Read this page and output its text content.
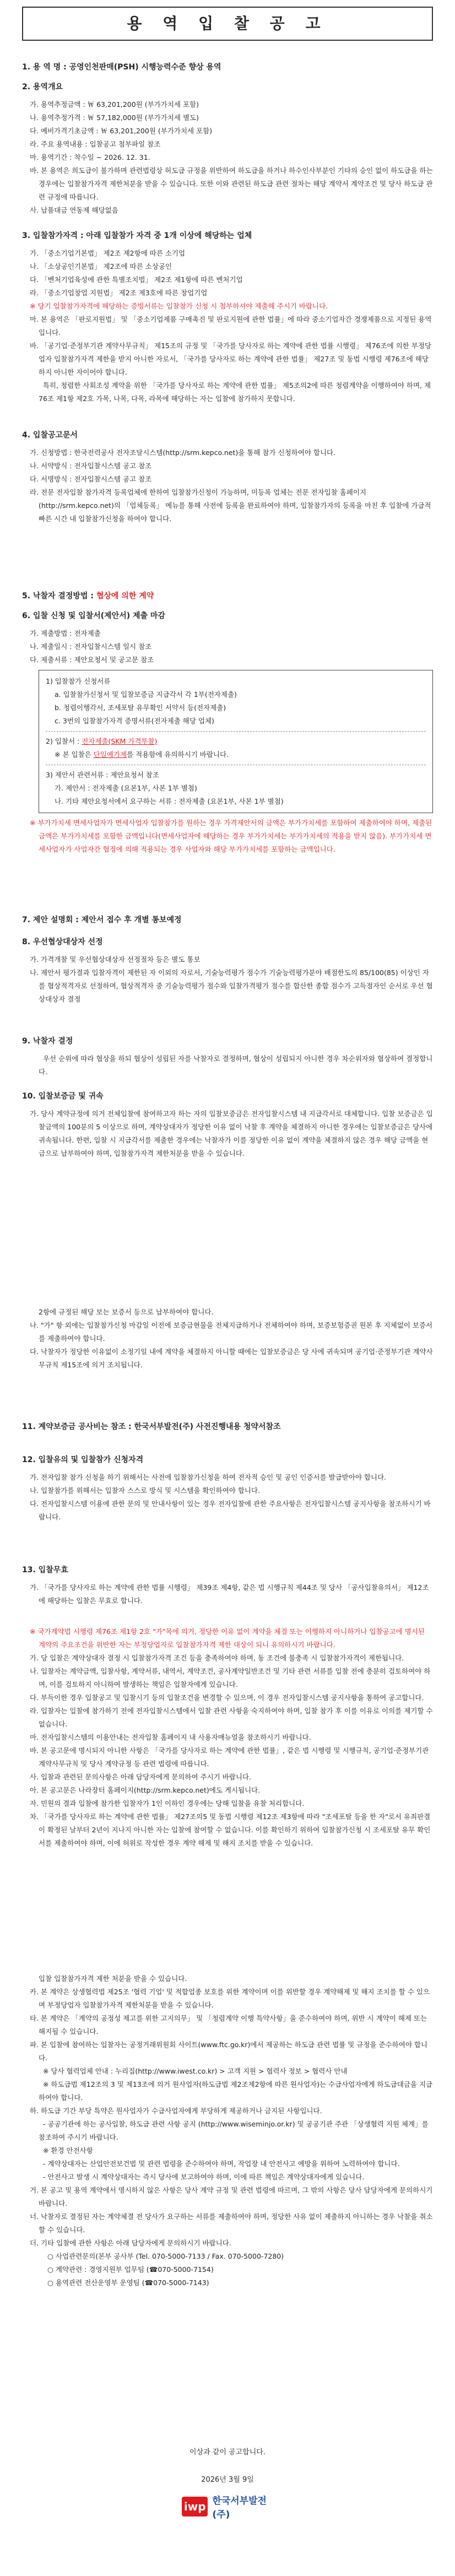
용 역 입 찰 공 고

1. 용 역 명 : 공영인천판매(PSH) 시행능력수준 향상 용역

2. 용역개요

가. 용역추정금액 : ￦ 63,201,200원 (부가가치세 포함)

나. 용역추정가격 : ￦ 57,182,000원 (부가가치세 별도)

다. 예비가격기초금액 : ￦ 63,201,200원 (부가가치세 포함)

라. 주요 용역내용 : 입찰공고 첨부파일 참조

마. 용역기간 : 착수일 ~ 2026. 12. 31.

바. 본 용역은 희도급이 불가하며 관련법령상 허도급 규정을 위반하여 하도급을 하거나 하수인사부분인 기타의 승인 없이 하도급을 하는 경우에는 입찰참가자격 제한처분을 받을 수 있습니다. 또한 이와 관련된 하도급 관련 절차는 해당 계약서 계약조건 및 당사 하도급 관련 규정에 따릅니다.

사. 납품대금 연동제 해당없음

3. 입찰참가자격 : 아래 입찰참가 자격 중 1개 이상에 해당하는 업체

가. 「중소기업기본법」 제2조 제2항에 따른 소기업

나. 「소상공인기본법」 제2조에 따른 소상공인

다. 「벤처기업육성에 관한 특별조치법」 제2조 제1항에 따른 벤처기업

라. 「중소기업창업 지원법」 제2조 제3호에 따른 창업기업

※ 당기 입찰참가자격에 해당하는 증빙서류는 입찰참가 신청 시 첨부하셔야 제출해 주시기 바랍니다.

마. 본 용역은 「판로지원법」 및 「중소기업제품 구매촉진 및 판로지원에 관한 법률」에 따라 중소기업자간 경쟁제품으로 지정된 용역입니다.

바. 「공기업·준정부기관 계약사무규칙」 제15조의 규정 및 「국가를 당사자로 하는 계약에 관한 법률 시행령」 제76조에 의한 부정당업자 입찰참가자격 제한을 받지 아니한 자로서, 「국가를 당사자로 하는 계약에 관한 법률」 제27조 및 동법 시행령 제76조에 해당하지 아니한 자이어야 합니다.

특히, 청렴한 사회조성 계약을 위한 「국가를 당사자로 하는 계약에 관한 법률」 제5조의2에 따른 청렴계약을 이행하여야 하며, 제76조 제1항 제2호 가목, 나목, 다목, 라목에 해당하는 자는 입찰에 참가하지 못합니다.

4. 입찰공고문서

가. 신청방법 : 한국전력공사 전자조달시스템(http://srm.kepco.net)을 통해 참가 신청하여야 합니다.

나. 서약방식 : 전자입찰시스템 공고 참조

다. 서명방식 : 전자입찰시스템 공고 참조

라. 전문 전자입찰 참가자격 등록업체에 한하여 입찰참가신청이 가능하며, 미등록 업체는 전문 전자입찰 홈페이지(http://srm.kepco.net)의 「업체등록」 메뉴를 통해 사전에 등록을 완료하여야 하며, 입찰참가자의 등록을 마친 후 입찰에 가급적 빠른 시간 내 입찰참가신청을 하여야 합니다.

5. 낙찰자 결정방법 : 협상에 의한 계약

6. 입찰 신청 및 입찰서(제안서) 제출 마감

가. 제출방법 : 전자제출

나. 제출일시 : 전자입찰시스템 일시 참조

다. 제출서류 : 제안요청서 및 공고문 참조

1) 입찰참가 신청서류
a. 입찰참가신청서 및 입찰보증금 지급각서 각 1부(전자제출)
b. 청렴이행각서, 조세포탈 유무확인 서약서 등(전자제출)
c. 3번의 입찰참가자격 증명서류(전자제출 해당 업체)
2) 입찰서 : 전자제출(SKM 가격투찰)
※ 본 입찰은 단일예가제를 적용함에 유의하시기 바랍니다.
3) 제안서 관련서류 : 제안요청서 참조
가. 제안서 : 전자제출 (요본1부, 사본 1부 별첨)
나. 기타 제안요청서에서 요구하는 서류 : 전자제출 (요본1부, 사본 1부 별첨)

※ 부가가치세 면세사업자가 면세사업자 입찰참가를 원하는 경우 가격제안서의 금액은 부가가치세를 포함하여 제출하여야 하며, 제출된 금액은 부가가치세를 포함한 금액입니다(면세사업자에 해당하는 경우 부가가치세는 부가가치세의 적용을 받지 않음). 부가가치세 면세사업자가 사업자간 협정에 의해 적용되는 경우 사업자와 해당 부가가치세를 포함하는 금액입니다.

7. 제안 설명회 : 제안서 접수 후 개별 통보예정

8. 우선협상대상자 선정

가. 가격개찰 및 우선협상대상자 선정절차 등은 별도 통보

나. 제안서 평가결과 입찰자격이 제한된 자 이외의 자로서, 기술능력평가 점수가 기술능력평가분야 배점한도의 85/100(85) 이상인 자를 협상적격자로 선정하며, 협상적격자 중 기술능력평가 점수와 입찰가격평가 점수를 합산한 종합 점수가 고득점자인 순서로 우선 협상대상자 결정

9. 낙찰자 결정

우선 순위에 따라 협상을 하되 협상이 성립된 자를 낙찰자로 결정하며, 협상이 성립되지 아니한 경우 차순위자와 협상하여 결정합니다.

10. 입찰보증금 및 귀속

가. 당사 계약규정에 의거 전체입찰에 참여하고자 하는 자의 입찰보증금은 전자입찰시스템 내 지급각서로 대체합니다. 입찰 보증금은 입찰금액의 100분의 5 이상으로 하며, 계약상대자가 정당한 이유 없이 낙찰 후 계약을 체결하지 아니한 경우에는 입찰보증금은 당사에 귀속됩니다. 한편, 입찰 시 지급각서를 제출한 경우에는 낙찰자가 이를 정당한 이유 없이 계약을 체결하지 않은 경우 해당 금액을 현금으로 납부하여야 하며, 입찰참가자격 제한처분을 받을 수 있습니다.

2항에 규정된 해당 보는 보증서 등으로 납부하여야 합니다.

나. "가" 항 외에는 입찰참가신청 마감일 이전에 보증금현물을 전체지급하거나 전체하여야 하며, 보증보험증권 원본 후 지체없이 보증서를 제출하여야 합니다.

다. 낙찰자가 정당한 이유없이 소정기일 내에 계약을 체결하지 아니할 때에는 입찰보증금은 당 사에 귀속되며 공기업·준정부기관 계약사무규칙 제15조에 의거 조치됩니다.

11. 계약보증금 공사비는 참조 : 한국서부발전(주) 사전진행내용 청약서참조

12. 입찰유의 및 입찰참가 신청자격

가. 전자입찰 참가 신청을 하기 위해서는 사전에 입찰참가신청을 하여 전자적 승인 및 공인 인증서를 발급받아야 합니다.

나. 입찰참가를 위해서는 입찰자 스스로 방식 및 시스템을 확인하여야 합니다.

다. 전자입찰시스템 이용에 관한 문의 및 안내사항이 있는 경우 전자입찰에 관한 주요사항은 전자입찰시스템 공지사항을 참조하시기 바랍니다.

13. 입찰무효

가. 「국가를 당사자로 하는 계약에 관한 법률 시행령」 제39조 제4항, 같은 법 시행규칙 제44조 및 당사 「공사입찰유의서」 제12조에 해당하는 입찰은 무효로 합니다.

※ 국가계약법 시행령 제76조 제1항 2호 "가"목에 의거, 정당한 이유 없이 계약을 체결 또는 이행하지 아니하거나 입찰공고에 명시된 계약의 주요조건을 위반한 자는 부정당업자로 입찰참가자격 제한 대상이 되니 유의하시기 바랍니다.

가. 당 입찰은 계약상대자 결정 시 입찰참가자격 조건 등을 충족하여야 하며, 동 조건에 불충족 시 입찰참가자격이 제한됩니다.

나. 입찰자는 계약금액, 입찰사항, 계약서류, 내역서, 계약조건, 공사계약일반조건 및 기타 관련 서류를 입찰 전에 충분히 검토하여야 하며, 이를 검토하지 아니하여 발생하는 책임은 입찰자에게 있습니다.

다. 부득이한 경우 입찰공고 및 입찰시기 등의 입찰조건을 변경할 수 있으며, 이 경우 전자입찰시스템 공지사항을 통하여 공고합니다.

라. 입찰자는 입찰에 참가하기 전에 전자입찰시스템에서 입찰 관련 사항을 숙지하여야 하며, 입찰 참가 후 이를 이유로 이의를 제기할 수 없습니다.

마. 전자입찰시스템의 이용안내는 전자입찰 홈페이지 내 사용자매뉴얼을 참조하시기 바랍니다.

바. 본 공고문에 명시되지 아니한 사항은 「국가를 당사자로 하는 계약에 관한 법률」, 같은 법 시행령 및 시행규칙, 공기업·준정부기관 계약사무규칙 및 당사 계약규정 등 관련 법령에 따릅니다.

사. 입찰과 관련된 문의사항은 아래 담당자에게 문의하여 주시기 바랍니다.

아. 본 공고문은 나라장터 홈페이지(http://srm.kepco.net)에도 게시됩니다.

자. 민원의 결과 입찰에 참가한 입찰자가 1인 이하인 경우에는 당해 입찰을 유찰 처리합니다.

차. 「국가를 당사자로 하는 계약에 관한 법률」 제27조의5 및 동법 시행령 제12조 제3항에 따라 "조세포탈 등을 한 자"로서 유죄판결이 확정된 날부터 2년이 지나지 아니한 자는 입찰에 참여할 수 없습니다. 이를 확인하기 위하여 입찰참가신청 시 조세포탈 유무 확인서를 제출하여야 하며, 이에 허위로 작성한 경우 계약 해제 및 해지 조치를 받을 수 있습니다.

입찰 입찰참가자격 제한 처분을 받을 수 있습니다.

카. 본 계약은 상생협력법 제25조 '협력 기업' 및 적합업종 보호를 위한 계약이며 이를 위반할 경우 계약해제 및 해지 조치를 할 수 있으며 부정당업자 입찰참가자격 제한처분을 받을 수 있습니다.

타. 본 계약은 「계약의 공정성 제고를 위한 고지의무」 및 「청렴계약 이행 특약사항」을 준수하여야 하며, 위반 시 계약이 해제 또는 해지될 수 있습니다.

파. 본 입찰에 참여하는 입찰자는 공정거래위원회 사이트(www.ftc.go.kr)에서 제공하는 하도급 관련 법률 및 규정을 준수하여야 합니다.

※ 당사 협력업체 안내 : 누리집(http://www.iwest.co.kr) > 고객 지원 > 협력사 정보 > 협력사 안내

※ 하도급법 제12조의 3 및 제13조에 의거 원사업자(하도급법 제2조제2항에 따른 원사업자)는 수급사업자에게 하도급대금을 지급하여야 합니다.

하. 하도급 기간 부당 특약은 원사업자가 수급사업자에게 부당하게 제공하거나 금지된 사항입니다.

- 공공기관에 하는 공사입찰, 하도급 관련 사항 공지 (http://www.wiseminjo.or.kr) 및 공공기관 주관 「상생협력 지원 체계」를 참조하여 주시기 바랍니다.

※ 환경 안전사항

- 계약상대자는 산업안전보건법 및 관련 법령을 준수하여야 하며, 작업장 내 안전사고 예방을 위하여 노력하여야 합니다.

- 안전사고 발생 시 계약상대자는 즉시 당사에 보고하여야 하며, 이에 따른 책임은 계약상대자에게 있습니다.

거. 본 공고 및 용역 계약에서 명시하지 않은 사항은 당사 계약 규정 및 관련 법령에 따르며, 그 밖의 사항은 당사 담당자에게 문의하시기 바랍니다.

너. 낙찰자로 결정된 자는 계약체결 전 당사가 요구하는 서류를 제출하여야 하며, 정당한 사유 없이 제출하지 아니하는 경우 낙찰을 취소할 수 있습니다.

더. 기타 입찰에 관한 사항은 아래 담당자에게 문의하시기 바랍니다.

○ 사업관련문의(본부 공사부 (Tel. 070-5000-7133 / Fax. 070-5000-7280)

○ 계약관련 : 경영지원부 업무팀 (☎070-5000-7154)

○ 용역관련 전산운영부 운영팀 (☎070-5000-7143)

이상과 같이 공고합니다.
2026년 3월 9일
iwp 한국서부발전(주)
